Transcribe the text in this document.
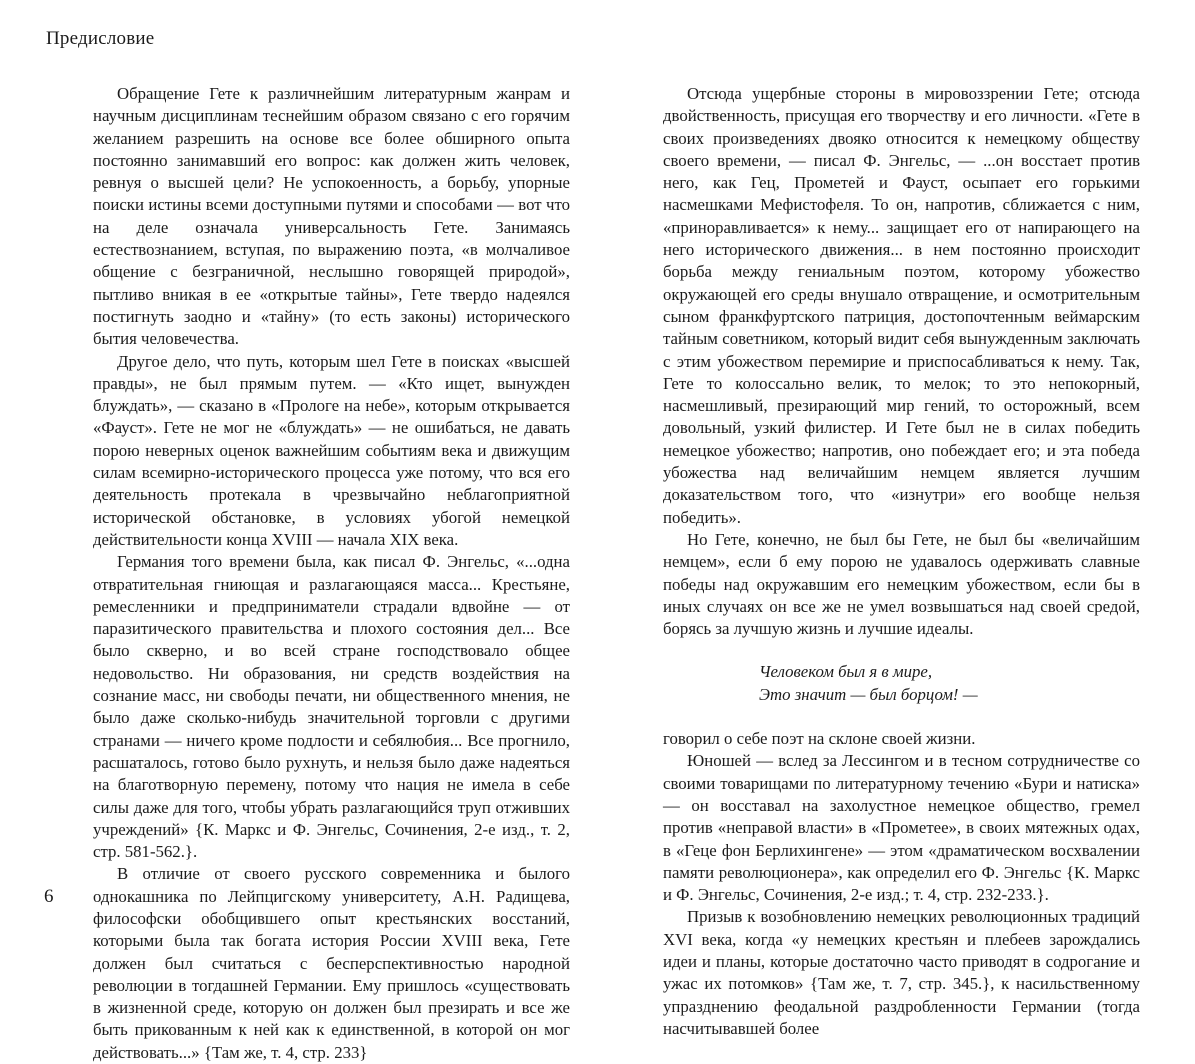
Предисловие

Обращение Гете к различнейшим литературным жанрам и научным дисциплинам теснейшим образом связано с его горячим желанием разрешить на основе все более обширного опыта постоянно занимавший его вопрос: как должен жить человек, ревнуя о высшей цели? Не успокоенность, а борьбу, упорные поиски истины всеми доступными путями и способами — вот что на деле означала универсальность Гете. Занимаясь естествознанием, вступая, по выражению поэта, «в молчаливое общение с безграничной, неслышно говорящей природой», пытливо вникая в ее «открытые тайны», Гете твердо надеялся постигнуть заодно и «тайну» (то есть законы) исторического бытия человечества.

Другое дело, что путь, которым шел Гете в поисках «высшей правды», не был прямым путем. — «Кто ищет, вынужден блуждать», — сказано в «Прологе на небе», которым открывается «Фауст». Гете не мог не «блуждать» — не ошибаться, не давать порою неверных оценок важнейшим событиям века и движущим силам всемирно-исторического процесса уже потому, что вся его деятельность протекала в чрезвычайно неблагоприятной исторической обстановке, в условиях убогой немецкой действительности конца XVIII — начала XIX века.

Германия того времени была, как писал Ф. Энгельс, «...одна отвратительная гниющая и разлагающаяся масса... Крестьяне, ремесленники и предприниматели страдали вдвойне — от паразитического правительства и плохого состояния дел... Все было скверно, и во всей стране господствовало общее недовольство. Ни образования, ни средств воздействия на сознание масс, ни свободы печати, ни общественного мнения, не было даже сколько-нибудь значительной торговли с другими странами — ничего кроме подлости и себялюбия... Все прогнило, расшаталось, готово было рухнуть, и нельзя было даже надеяться на благотворную перемену, потому что нация не имела в себе силы даже для того, чтобы убрать разлагающийся труп отживших учреждений» {К. Маркс и Ф. Энгельс, Сочинения, 2-е изд., т. 2, стр. 581-562.}.

В отличие от своего русского современника и былого однокашника по Лейпцигскому университету, А.Н. Радищева, философски обобщившего опыт крестьянских восстаний, которыми была так богата история России XVIII века, Гете должен был считаться с бесперспективностью народной революции в тогдашней Германии. Ему пришлось «существовать в жизненной среде, которую он должен был презирать и все же быть прикованным к ней как к единственной, в которой он мог действовать...» {Там же, т. 4, стр. 233}

Отсюда ущербные стороны в мировоззрении Гете; отсюда двойственность, присущая его творчеству и его личности. «Гете в своих произведениях двояко относится к немецкому обществу своего времени, — писал Ф. Энгельс, — ...он восстает против него, как Гец, Прометей и Фауст, осыпает его горькими насмешками Мефистофеля. То он, напротив, сближается с ним, «приноравливается» к нему... защищает его от напирающего на него исторического движения... в нем постоянно происходит борьба между гениальным поэтом, которому убожество окружающей его среды внушало отвращение, и осмотрительным сыном франкфуртского патриция, достопочтенным веймарским тайным советником, который видит себя вынужденным заключать с этим убожеством перемирие и приспосабливаться к нему. Так, Гете то колоссально велик, то мелок; то это непокорный, насмешливый, презирающий мир гений, то осторожный, всем довольный, узкий филистер. И Гете был не в силах победить немецкое убожество; напротив, оно побеждает его; и эта победа убожества над величайшим немцем является лучшим доказательством того, что «изнутри» его вообще нельзя победить».

Но Гете, конечно, не был бы Гете, не был бы «величайшим немцем», если б ему порою не удавалось одерживать славные победы над окружавшим его немецким убожеством, если бы в иных случаях он все же не умел возвышаться над своей средой, борясь за лучшую жизнь и лучшие идеалы.

Человеком был я в мире,
Это значит — был борцом! —

говорил о себе поэт на склоне своей жизни.

Юношей — вслед за Лессингом и в тесном сотрудничестве со своими товарищами по литературному течению «Бури и натиска» — он восставал на захолустное немецкое общество, гремел против «неправой власти» в «Прометее», в своих мятежных одах, в «Геце фон Берлихингене» — этом «драматическом восхвалении памяти революционера», как определил его Ф. Энгельс {К. Маркс и Ф. Энгельс, Сочинения, 2-е изд.; т. 4, стр. 232-233.}.

Призыв к возобновлению немецких революционных традиций XVI века, когда «у немецких крестьян и плебеев зарождались идеи и планы, которые достаточно часто приводят в содрогание и ужас их потомков» {Там же, т. 7, стр. 345.}, к насильственному упразднению феодальной раздробленности Германии (тогда насчитывавшей более

6
